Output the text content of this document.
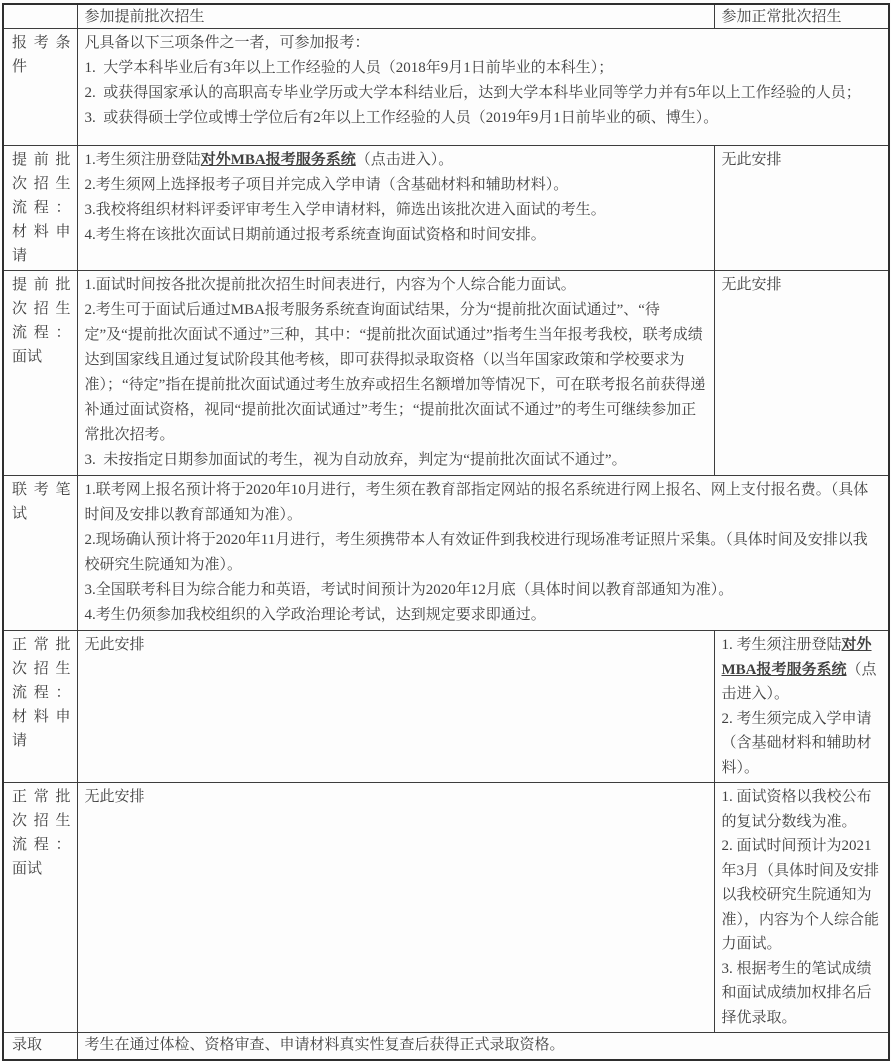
	参加提前批次招生	参加正常批次招生
报考条件	凡具备以下三项条件之一者，可参加报考：

1. 大学本科毕业后有3年以上工作经验的人员（2018年9月1日前毕业的本科生）；

2. 或获得国家承认的高职高专毕业学历或大学本科结业后，达到大学本科毕业同等学力并有5年以上工作经验的人员；

3. 或获得硕士学位或博士学位后有2年以上工作经验的人员（2019年9月1日前毕业的硕、博生）。	

提前批次招生流程：材料申请	1.考生须注册登陆对外MBA报考服务系统（点击进入）。

2.考生须网上选择报考子项目并完成入学申请（含基础材料和辅助材料）。

3.我校将组织材料评委评审考生入学申请材料，筛选出该批次进入面试的考生。

4.考生将在该批次面试日期前通过报考系统查询面试资格和时间安排。	无此安排
提前批次招生流程：面试	1.面试时间按各批次提前批次招生时间表进行，内容为个人综合能力面试。

2.考生可于面试后通过MBA报考服务系统查询面试结果，分为“提前批次面试通过”、“待定”及“提前批次面试不通过”三种，其中：“提前批次面试通过”指考生当年报考我校，联考成绩达到国家线且通过复试阶段其他考核，即可获得拟录取资格（以当年国家政策和学校要求为准）；“待定”指在提前批次面试通过考生放弃或招生名额增加等情况下，可在联考报名前获得递补通过面试资格，视同“提前批次面试通过”考生；“提前批次面试不通过”的考生可继续参加正常批次招考。

3. 未按指定日期参加面试的考生，视为自动放弃，判定为“提前批次面试不通过”。	无此安排
联考笔试	1.联考网上报名预计将于2020年10月进行，考生须在教育部指定网站的报名系统进行网上报名、网上支付报名费。（具体时间及安排以教育部通知为准）。

2.现场确认预计将于2020年11月进行，考生须携带本人有效证件到我校进行现场准考证照片采集。（具体时间及安排以我校研究生院通知为准）。

3.全国联考科目为综合能力和英语，考试时间预计为2020年12月底（具体时间以教育部通知为准）。

4.考生仍须参加我校组织的入学政治理论考试，达到规定要求即通过。	

正常批次招生流程：材料申请	无此安排	1. 考生须注册登陆对外MBA报考服务系统（点击进入）。

2. 考生须完成入学申请（含基础材料和辅助材料）。

正常批次招生流程：面试	无此安排	1. 面试资格以我校公布的复试分数线为准。

2. 面试时间预计为2021年3月（具体时间及安排以我校研究生院通知为准），内容为个人综合能力面试。

3. 根据考生的笔试成绩和面试成绩加权排名后择优录取。

录取	考生在通过体检、资格审查、申请材料真实性复查后获得正式录取资格。	
